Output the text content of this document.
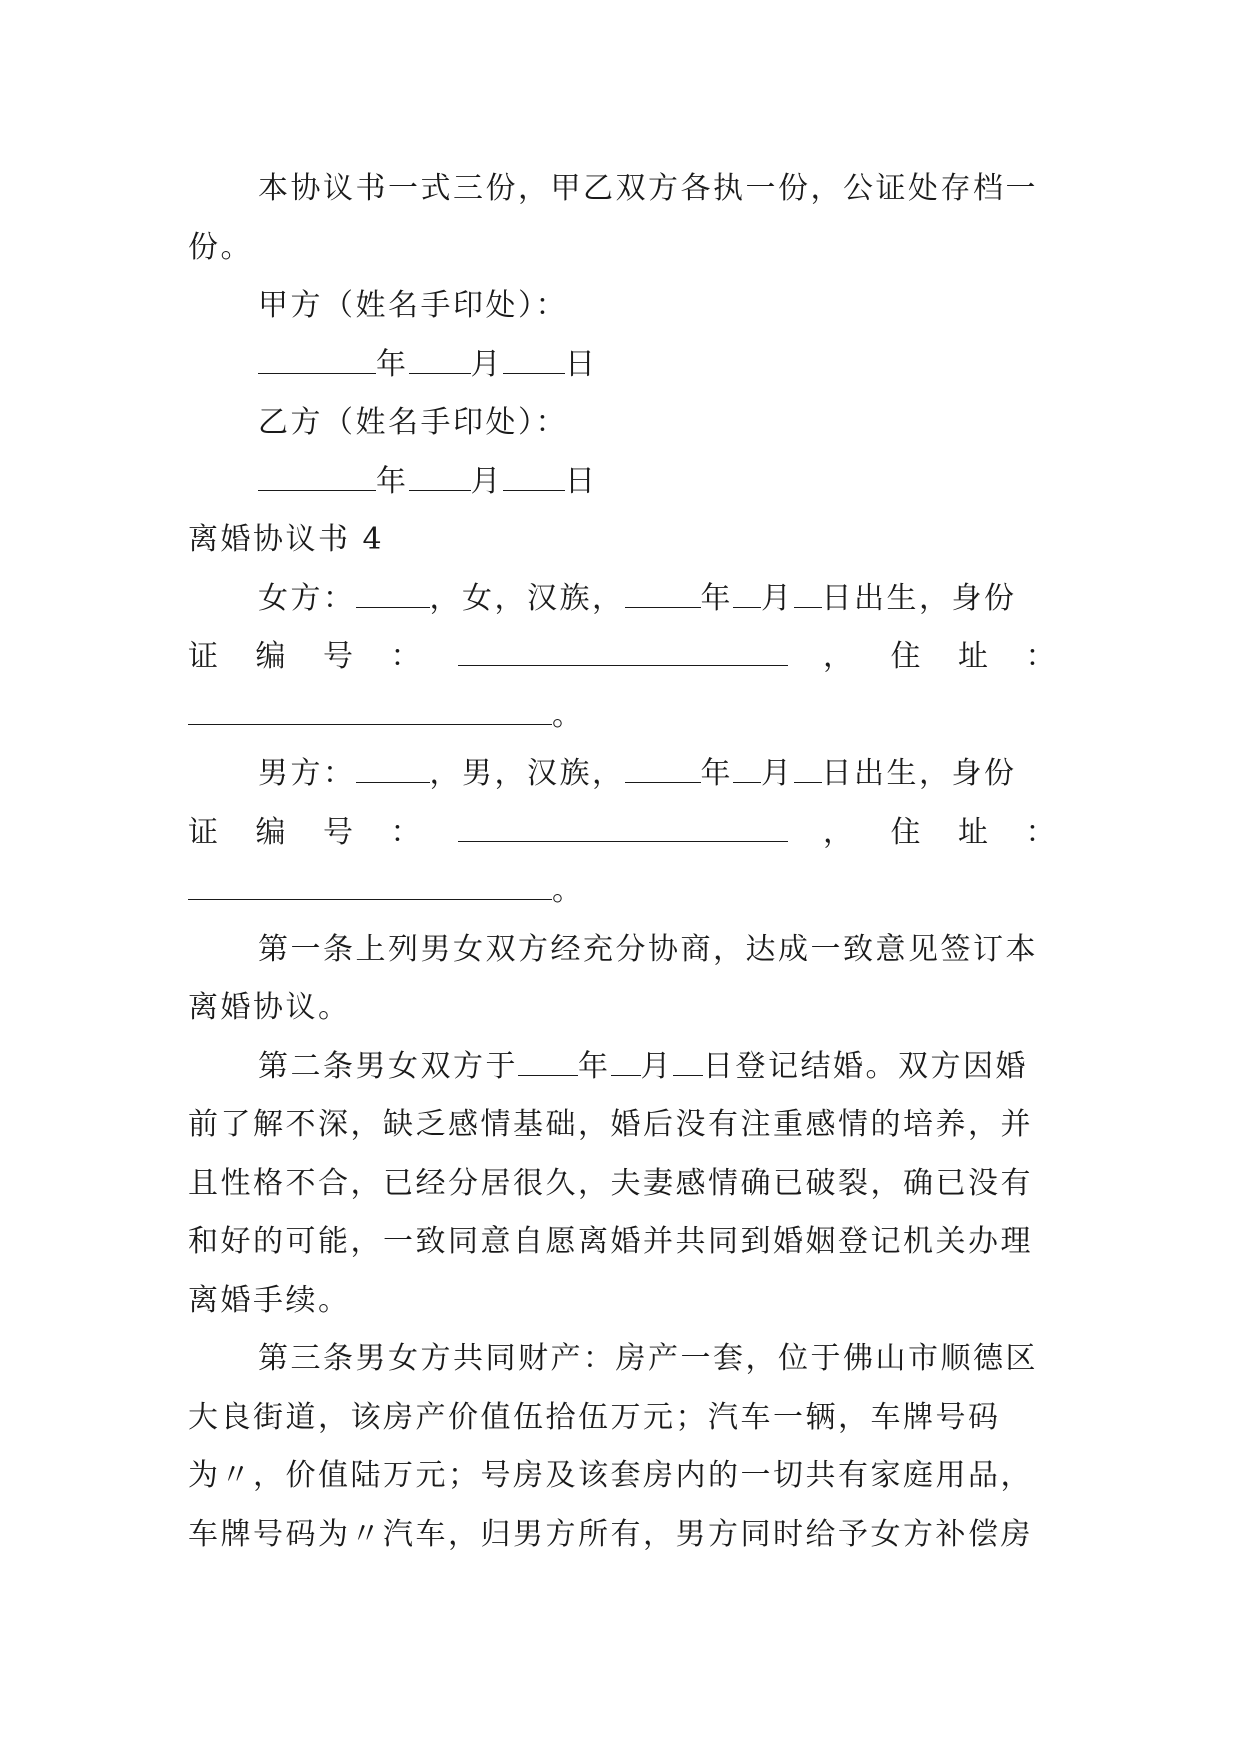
本协议书一式三份，甲乙双方各执一份，公证处存档一
份。
甲方（姓名手印处）：
年 月 日
乙方（姓名手印处）：
年 月 日
离婚协议书 4
女方： ，女，汉族，	年 月 日出生，身份
证 编 号 ：	， 住 址 ：
。
男方： ，男，汉族，	年 月 日出生，身份
证 编 号 ：	， 住 址 ：
。
第一条上列男女双方经充分协商，达成一致意见签订本
离婚协议。
第二条男女双方于 年 月 日登记结婚。双方因婚
前了解不深，缺乏感情基础，婚后没有注重感情的培养，并
且性格不合，已经分居很久，夫妻感情确已破裂，确已没有
和好的可能，一致同意自愿离婚并共同到婚姻登记机关办理
离婚手续。
第三条男女方共同财产：房产一套，位于佛山市顺德区
大良街道，该房产价值伍拾伍万元；汽车一辆，车牌号码
为〃，价值陆万元；号房及该套房内的一切共有家庭用品，
车牌号码为〃汽车，归男方所有，男方同时给予女方补偿房
